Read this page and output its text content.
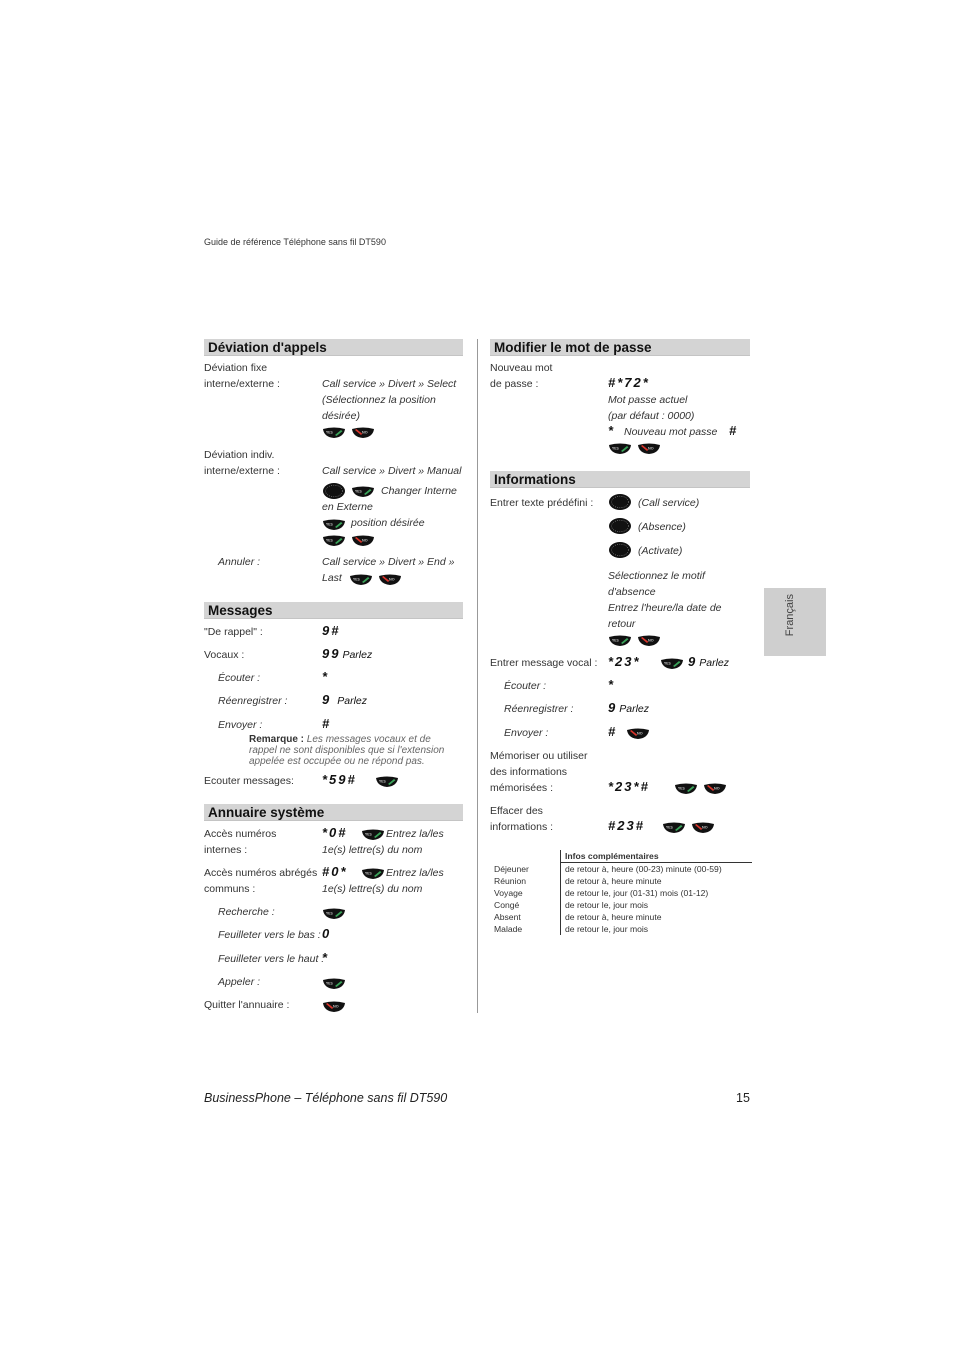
Guide de référence Téléphone sans fil DT590
Déviation d'appels
Déviation fixe
interne/externe :	Call service » Divert » Select
(Sélectionnez la position
désirée)
YES	NO
Déviation indiv.
interne/externe :	Call service » Divert » Manual
YES Changer Interne
en Externe
YES position désirée
YES	NO
Annuler :	Call service » Divert » End »
Last	YES	NO
Messages
"De rappel" :	9#
Vocaux :	99 Parlez
Écouter :	*
Réenregistrer :	9 Parlez
Envoyer :	#
Remarque : Les messages vocaux et de
rappel ne sont disponibles que si l'extension
appelée est occupée ou ne répond pas.
Ecouter messages: *59#	YES
Annuaire système
Accès numéros
internes :
*0#	YES Entrez la/les
1e(s) lettre(s) du nom
Accès numéros abrégés
communs :
#0*	YES Entrez la/les
1e(s) lettre(s) du nom
Recherche :	YES
Feuilleter vers le bas : 0
Feuilleter vers le haut :
*
Appeler :	YES
Quitter l'annuaire :	NO
Modifier le mot de passe
Nouveau mot
de passe :	#*72*
Mot passe actuel
(par défaut : 0000)
* Nouveau mot passe #
YES	NO
Informations
Entrer texte prédéfini :	(Call service)
(Absence)
(Activate)
Sélectionnez le motif
d'absence
Entrez l'heure/la date de
retour
YES	NO
Entrer message vocal : *23*	YES 9 Parlez
Écouter :	*
Réenregistrer :	9 Parlez
Envoyer :	#	NO
Mémoriser ou utiliser
des informations
mémorisées :	*23*#	YES	NO
Effacer des
informations :	#23#	YES	NO
	Infos complémentaires
Déjeuner	de retour à, heure (00-23) minute (00-59)
Réunion	de retour à, heure minute
Voyage	de retour le, jour (01-31) mois (01-12)
Congé	de retour le, jour mois
Absent	de retour à, heure minute
Malade	de retour le, jour mois
Français
BusinessPhone – Téléphone sans fil DT590	15
